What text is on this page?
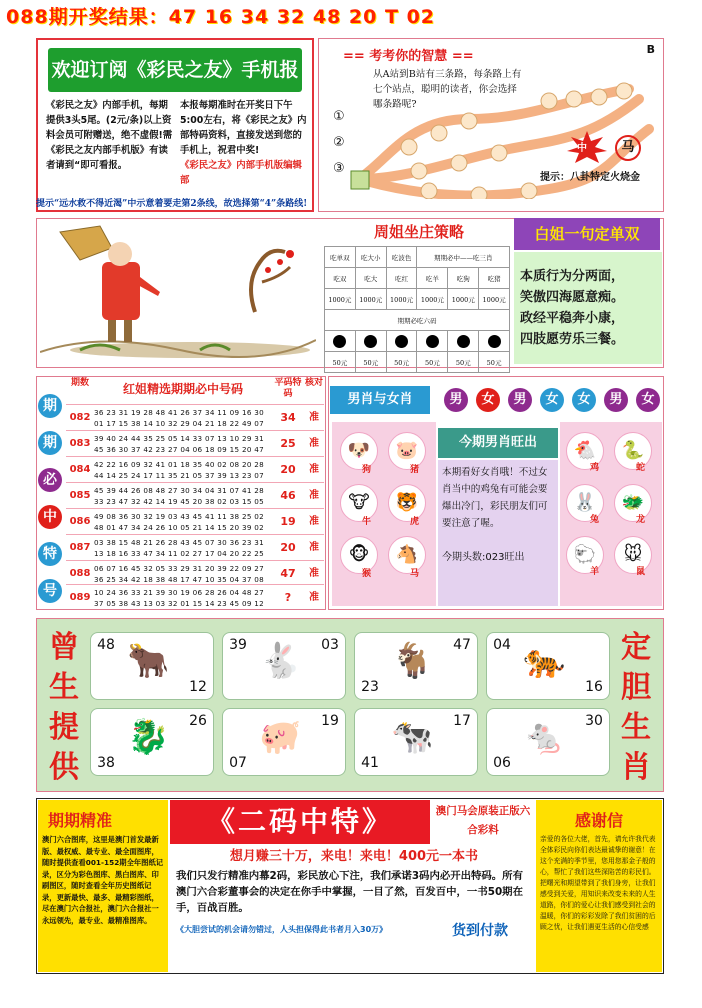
088期开奖结果：47 16 34 32 48 20 T 02
欢迎订阅《彩民之友》手机报
《彩民之友》内部手机，每期提供3头5尾。(2元/条)以上资料会员可附赠送，绝不虚假!需《彩民之友内部手机版》有读者请到“即可看报。
本报每期准时在开奖日下午5:00左右，将《彩民之友》内部特码资料，直接发送到您的手机上，祝君中奖!
《彩民之友》内部手机版编辑部
== 考考你的智慧 ==	B
从A站到B站有三条路，每条路上有七个站点，聪明的读者，你会选择哪条路呢?
①
②
③
中	马
提示：八卦特定火烧金
提示“远水救不得近渴”中示意着要走第2条线，故选择第“4”条路线!
周姐坐庄策略
吃单双	吃大小	吃波色	期期必中——吃三肖		
吃双	吃大	吃红	吃羊	吃狗	吃猪
1000元	1000元	1000元	1000元	1000元	1000元
期期必吃六码					

50元	50元	50元	50元	50元	50元
白姐一句定单双
本质行为分两面，
笑傲四海愿意痴。
政经平稳奔小康，
四肢愿劳乐三餐。
期
期
必
中
特
号
期数	红姐精选期期必中号码	平码特码
核对
082 36 23 31 19 28 48 41 26 37 34 11 09 16 30 01 17 15 38 14 10 32 29 04 21 18 22 49 07	34	准
083 39 40 24 44 35 25 05 14 33 07 13 10 29 31 45 36 30 37 42 23 27 04 06 18 09 15 20 47	25	准
084 42 22 16 09 32 41 01 18 35 40 02 08 20 28 44 14 25 24 17 11 35 21 05 37 39 13 23 07	20	准
085 45 39 44 26 08 48 27 30 34 04 31 07 41 28 33 23 47 32 42 14 19 45 20 38 02 03 15 05	46	准
086 49 08 36 30 32 19 03 43 45 41 11 38 25 02 48 01 47 34 24 26 10 05 21 14 15 20 39 02	19	准
087 03 38 15 48 21 26 28 43 45 07 30 36 23 31 13 18 16 33 47 34 11 02 27 17 04 20 22 25	20	准
088 06 07 16 45 32 05 33 29 31 20 39 22 09 27 36 25 34 42 18 38 48 17 47 10 35 04 37 08	47	准
089 10 24 36 33 21 39 30 19 06 28 26 04 48 27 37 05 38 43 13 03 32 01 15 14 23 45 09 12	?	准
男肖与女肖	男	女	男	女	女	男	女
🐶
狗
🐷
猪
🐮
牛
🐯
虎
🐵
猴
🐴
马
今期男肖旺出
本期看好女肖哦！不过女肖当中的鸡兔有可能会要爆出冷门，彩民朋友们可要注意了喔。
今期头数:023旺出
🐔
鸡
🐍
蛇
🐰
兔
🐲
龙
🐑
羊
🐭
鼠
曾
生
提
供
定
胆
生
肖
48 🐂
12
39 🐇 03	47
🐐
23
04 🐅
16
26
🐉
38
19
🐖
07
17
🐄
41
30
🐁
06
期期精准
澳门六合图库，这里是澳门首发最新版、最权威、最专业、最全面图库，随时提供查看001-152期全年图纸记录，区分为彩色图库、黑白图库、印刷图区，随时查看全年历史图纸记录，更新最快、最多、最精彩图纸，尽在澳门六合报社，澳门六合报社一永远领先，最专业、最精准图库。
《二码中特》	澳门马会原装正版六合彩料
想月赚三十万，来电！来电！400元一本书
我们只发行精准内幕2码，彩民放心下注，我们承诺3码内必开出特码。所有澳门六合彩董事会的决定在你手中掌握，一目了然，百发百中，一书50期在手，百战百胜。
《大胆尝试的机会请勿错过，人头担保得此书者月入30万》	货到付款
感谢信
亲爱的各位大佬，首先，请允许我代表全体彩民向你们表达最诚挚的谢意！在这个充满的季节里，您用您那金子般的心，帮忙了我们这些深陷苦的彩民们。把曙光和期望带到了我们身旁，让我们感受到关爱，用知识来改变未来的人生道路，你们的爱心让我们感受到社会的温暖，你们的彩彩发除了我们贫困的后顾之忧，让我们遇更生活的心信受感
